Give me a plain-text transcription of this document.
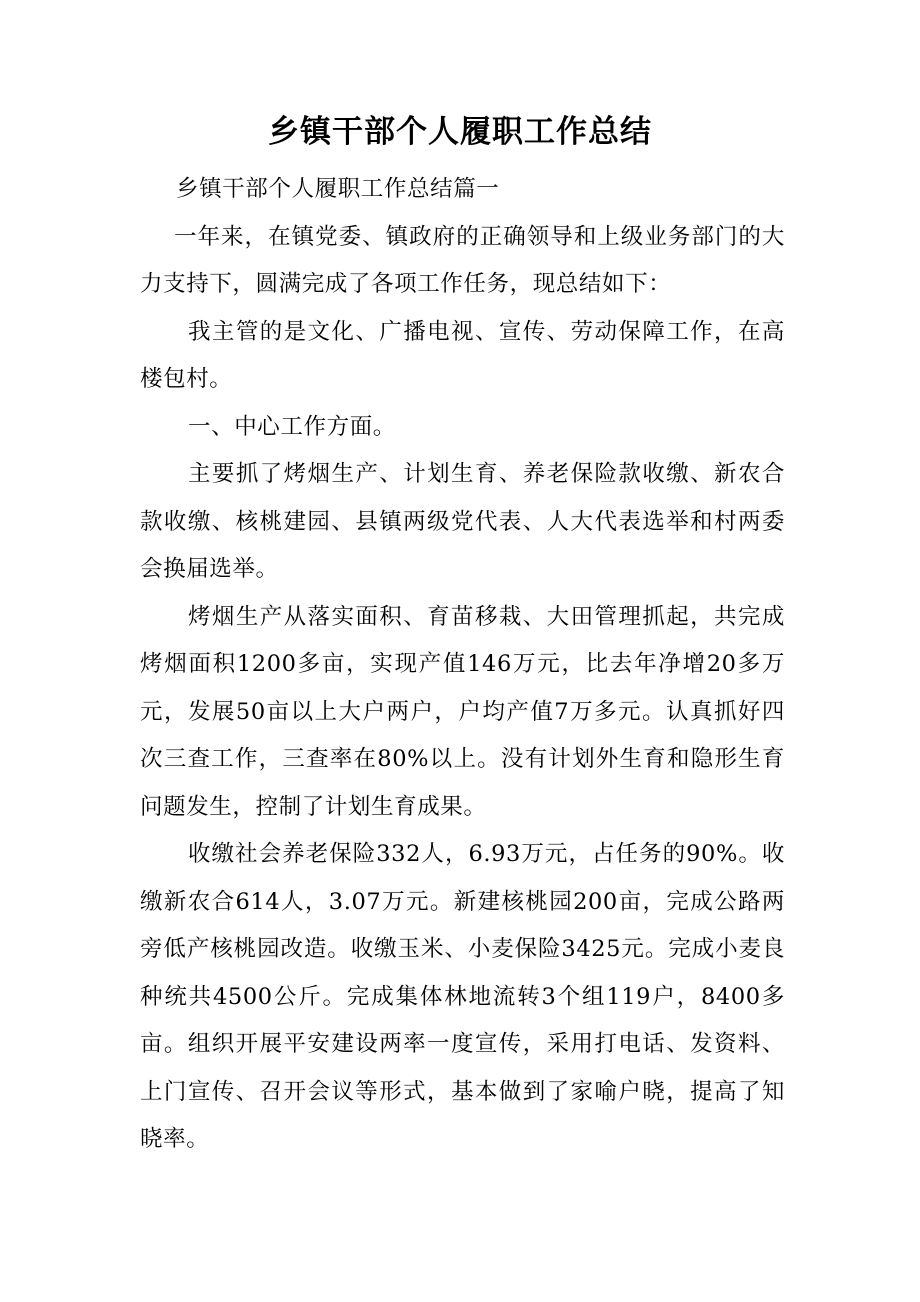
乡镇干部个人履职工作总结

乡镇干部个人履职工作总结篇一

一年来，在镇党委、镇政府的正确领导和上级业务部门的大力支持下，圆满完成了各项工作任务，现总结如下：

我主管的是文化、广播电视、宣传、劳动保障工作，在高楼包村。

一、中心工作方面。

主要抓了烤烟生产、计划生育、养老保险款收缴、新农合款收缴、核桃建园、县镇两级党代表、人大代表选举和村两委会换届选举。

烤烟生产从落实面积、育苗移栽、大田管理抓起，共完成烤烟面积1200多亩，实现产值146万元，比去年净增20多万元，发展50亩以上大户两户，户均产值7万多元。认真抓好四次三查工作，三查率在80%以上。没有计划外生育和隐形生育问题发生，控制了计划生育成果。

收缴社会养老保险332人，6.93万元，占任务的90%。收缴新农合614人，3.07万元。新建核桃园200亩，完成公路两旁低产核桃园改造。收缴玉米、小麦保险3425元。完成小麦良种统共4500公斤。完成集体林地流转3个组119户，8400多亩。组织开展平安建设两率一度宣传，采用打电话、发资料、上门宣传、召开会议等形式，基本做到了家喻户晓，提高了知晓率。
